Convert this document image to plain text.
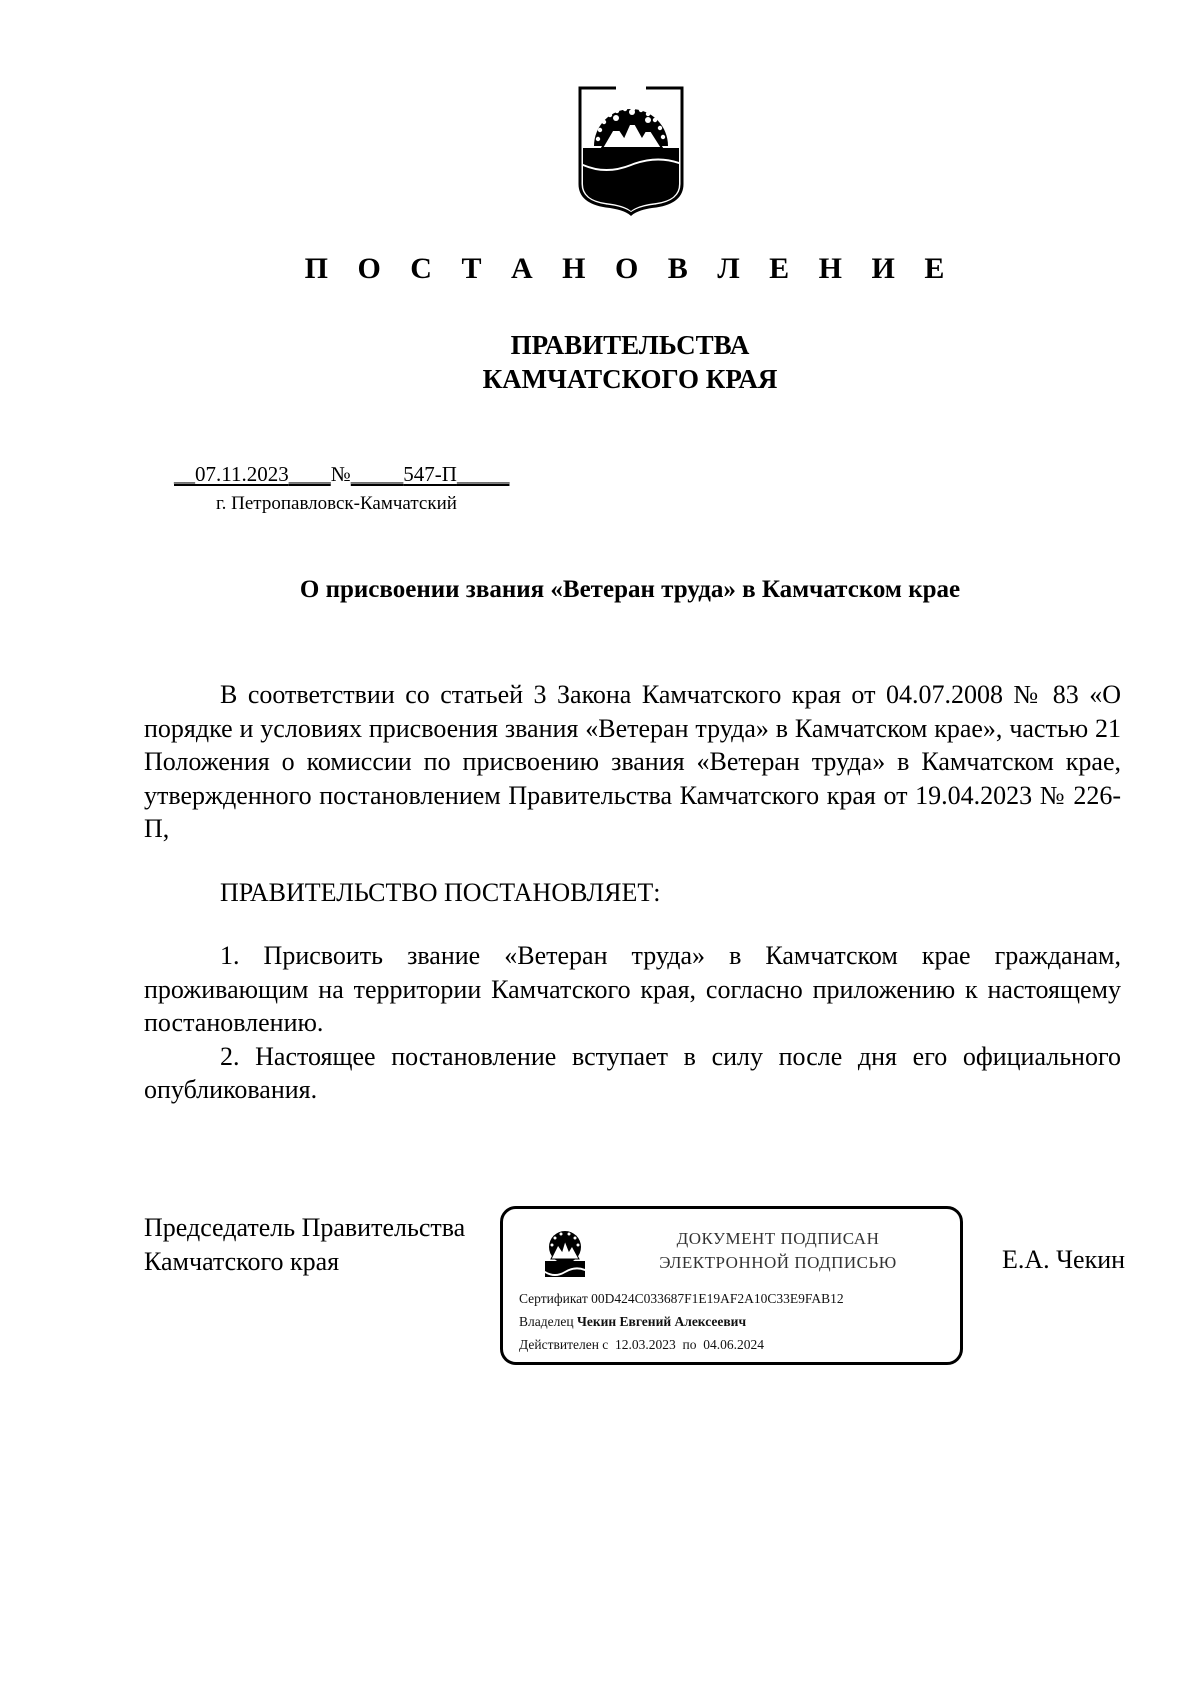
П О С Т А Н О В Л Е Н И Е
ПРАВИТЕЛЬСТВА
КАМЧАТСКОГО КРАЯ
__07.11.2023____№_____547-П_____
г. Петропавловск-Камчатский
О присвоении звания «Ветеран труда» в Камчатском крае

В соответствии со статьей 3 Закона Камчатского края от 04.07.2008 № 83 «О порядке и условиях присвоения звания «Ветеран труда» в Камчатском крае», частью 21 Положения о комиссии по присвоению звания «Ветеран труда» в Камчатском крае, утвержденного постановлением Правительства Камчатского края от 19.04.2023 № 226-П,

ПРАВИТЕЛЬСТВО ПОСТАНОВЛЯЕТ:

1. Присвоить звание «Ветеран труда» в Камчатском крае гражданам, проживающим на территории Камчатского края, согласно приложению к настоящему постановлению.

2. Настоящее постановление вступает в силу после дня его официального опубликования.

Председатель Правительства
Камчатского края	Е.А. Чекин
ДОКУМЕНТ ПОДПИСАН
ЭЛЕКТРОННОЙ ПОДПИСЬЮ
Сертификат 00D424C033687F1E19AF2A10C33E9FAB12
Владелец Чекин Евгений Алексеевич
Действителен с 12.03.2023 по 04.06.2024
